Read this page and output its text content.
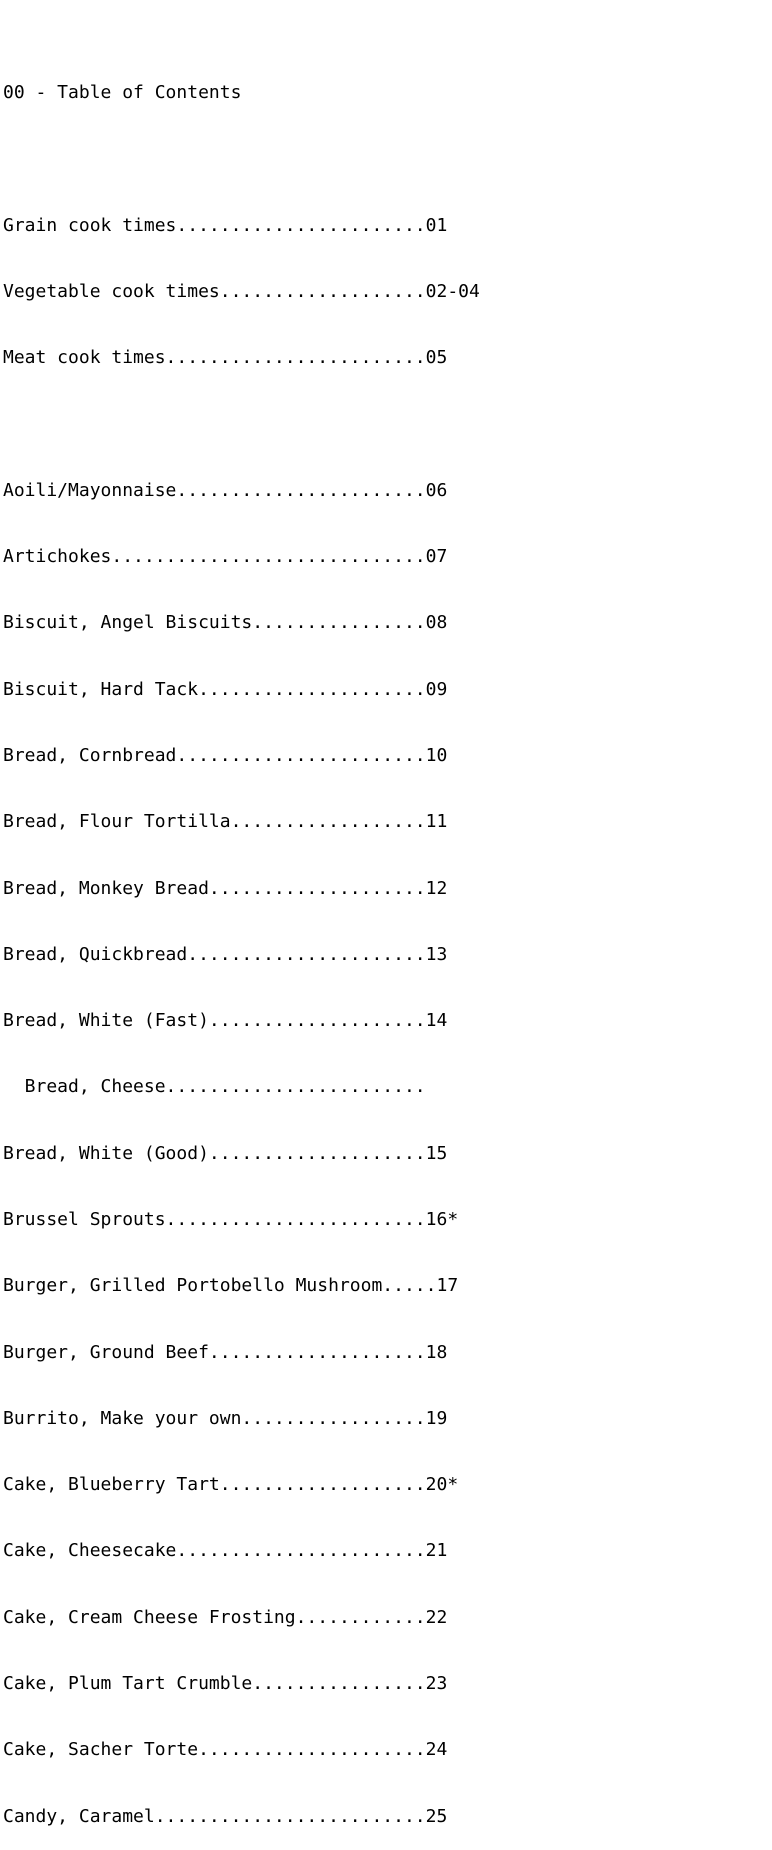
00 - Table of Contents

Grain cook times.......................01

Vegetable cook times...................02-04

Meat cook times........................05

Aoili/Mayonnaise.......................06

Artichokes.............................07

Biscuit, Angel Biscuits................08

Biscuit, Hard Tack.....................09

Bread, Cornbread.......................10

Bread, Flour Tortilla..................11

Bread, Monkey Bread....................12

Bread, Quickbread......................13

Bread, White (Fast)....................14

Bread, Cheese........................

Bread, White (Good)....................15

Brussel Sprouts........................16*

Burger, Grilled Portobello Mushroom.....17

Burger, Ground Beef....................18

Burrito, Make your own.................19

Cake, Blueberry Tart...................20*

Cake, Cheesecake.......................21

Cake, Cream Cheese Frosting............22

Cake, Plum Tart Crumble................23

Cake, Sacher Torte.....................24

Candy, Caramel.........................25
